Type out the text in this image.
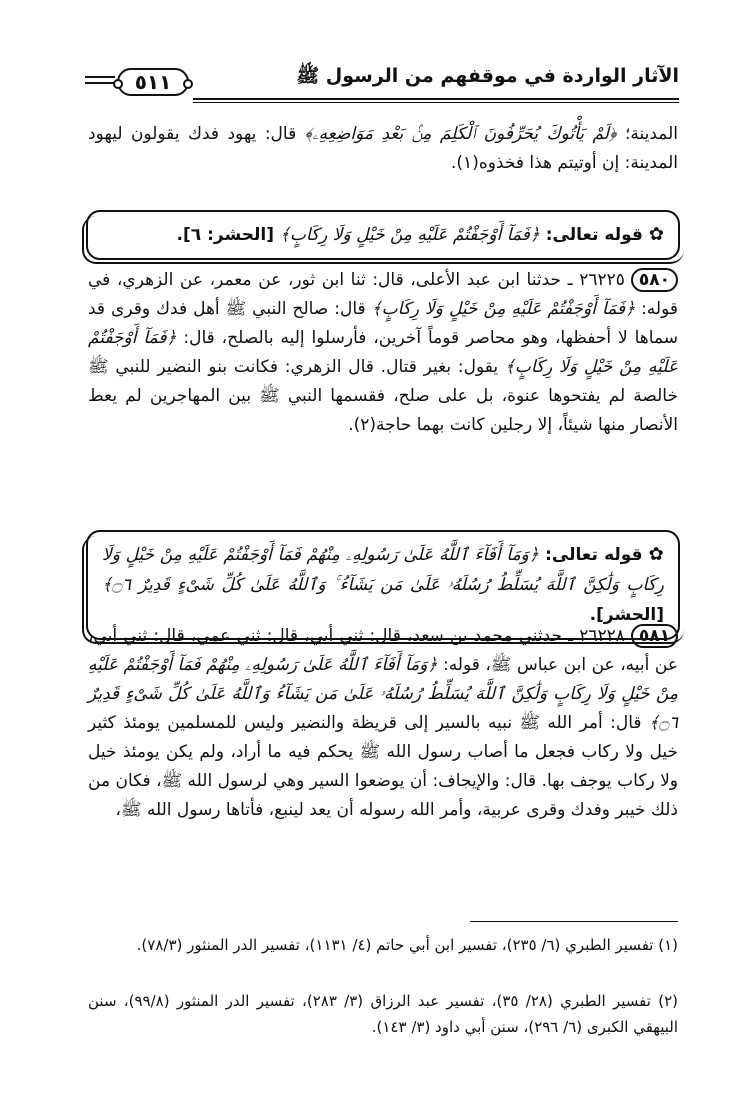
الآثار الواردة في موقفهم من الرسول ﷺ
٥١١
المدينة؛ ﴿لَمْ يَأْتُوكَ يُحَرِّفُونَ ٱلْكَلِمَ مِنۢ بَعْدِ مَوَاضِعِهِۦ﴾ قال: يهود فدك يقولون ليهود المدينة: إن أوتيتم هذا فخذوه(١).
✿قوله تعالى: ﴿فَمَآ أَوْجَفْتُمْ عَلَيْهِ مِنْ خَيْلٍ وَلَا رِكَابٍ﴾ [الحشر: ٦].
٥٨٠٢٦٢٢٥ ـ حدثنا ابن عبد الأعلى، قال: ثنا ابن ثور، عن معمر، عن الزهري، في قوله: ﴿فَمَآ أَوْجَفْتُمْ عَلَيْهِ مِنْ خَيْلٍ وَلَا رِكَابٍ﴾ قال: صالح النبي ﷺ أهل فدك وقرى قد سماها لا أحفظها، وهو محاصر قوماً آخرين، فأرسلوا إليه بالصلح، قال: ﴿فَمَآ أَوْجَفْتُمْ عَلَيْهِ مِنْ خَيْلٍ وَلَا رِكَابٍ﴾ يقول: بغير قتال. قال الزهري: فكانت بنو النضير للنبي ﷺ خالصة لم يفتحوها عنوة، بل على صلح، فقسمها النبي ﷺ بين المهاجرين لم يعط الأنصار منها شيئاً، إلا رجلين كانت بهما حاجة(٢).
✿قوله تعالى: ﴿وَمَآ أَفَآءَ ٱللَّهُ عَلَىٰ رَسُولِهِۦ مِنْهُمْ فَمَآ أَوْجَفْتُمْ عَلَيْهِ مِنْ خَيْلٍ وَلَا رِكَابٍ وَلَٰكِنَّ ٱللَّهَ يُسَلِّطُ رُسُلَهُۥ عَلَىٰ مَن يَشَآءُ ۚ وَٱللَّهُ عَلَىٰ كُلِّ شَىْءٍ قَدِيرٌ ۝٦﴾ [الحشر].
٥٨١٢٦٢٢٨ ـ حدثني محمد بن سعد، قال: ثني أبي، قال: ثني عمي، قال: ثني أبي، عن أبيه، عن ابن عباس ﷺ، قوله: ﴿وَمَآ أَفَآءَ ٱللَّهُ عَلَىٰ رَسُولِهِۦ مِنْهُمْ فَمَآ أَوْجَفْتُمْ عَلَيْهِ مِنْ خَيْلٍ وَلَا رِكَابٍ وَلَٰكِنَّ ٱللَّهَ يُسَلِّطُ رُسُلَهُۥ عَلَىٰ مَن يَشَآءُ وَٱللَّهُ عَلَىٰ كُلِّ شَىْءٍ قَدِيرٌ ۝٦﴾ قال: أمر الله ﷺ نبيه بالسير إلى قريظة والنضير وليس للمسلمين يومئذ كثير خيل ولا ركاب فجعل ما أصاب رسول الله ﷺ يحكم فيه ما أراد، ولم يكن يومئذ خيل ولا ركاب يوجف بها. قال: والإيجاف: أن يوضعوا السير وهي لرسول الله ﷺ، فكان من ذلك خيبر وفدك وقرى عربية، وأمر الله رسوله أن يعد لينبع، فأتاها رسول الله ﷺ،
(١) تفسير الطبري (٦/ ٢٣٥)، تفسير ابن أبي حاتم (٤/ ١١٣١)، تفسير الدر المنثور (٧٨/٣).
(٢) تفسير الطبري (٢٨/ ٣٥)، تفسير عبد الرزاق (٣/ ٢٨٣)، تفسير الدر المنثور (٩٩/٨)، سنن البيهقي الكبرى (٦/ ٢٩٦)، سنن أبي داود (٣/ ١٤٣).
